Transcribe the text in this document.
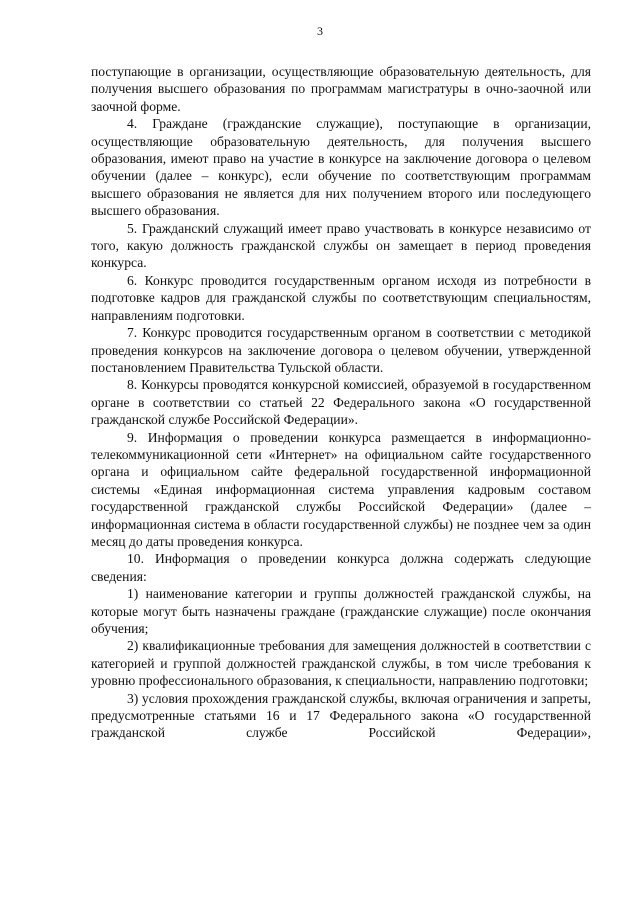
3

поступающие в организации, осуществляющие образовательную деятельность, для получения высшего образования по программам магистратуры в очно-заочной или заочной форме.

4. Граждане (гражданские служащие), поступающие в организации, осуществляющие образовательную деятельность, для получения высшего образования, имеют право на участие в конкурсе на заключение договора о целевом обучении (далее – конкурс), если обучение по соответствующим программам высшего образования не является для них получением второго или последующего высшего образования.

5. Гражданский служащий имеет право участвовать в конкурсе независимо от того, какую должность гражданской службы он замещает в период проведения конкурса.

6. Конкурс проводится государственным органом исходя из потребности в подготовке кадров для гражданской службы по соответствующим специальностям, направлениям подготовки.

7. Конкурс проводится государственным органом в соответствии с методикой проведения конкурсов на заключение договора о целевом обучении, утвержденной постановлением Правительства Тульской области.

8. Конкурсы проводятся конкурсной комиссией, образуемой в государственном органе в соответствии со статьей 22 Федерального закона «О государственной гражданской службе Российской Федерации».

9. Информация о проведении конкурса размещается в информационно-телекоммуникационной сети «Интернет» на официальном сайте государственного органа и официальном сайте федеральной государственной информационной системы «Единая информационная система управления кадровым составом государственной гражданской службы Российской Федерации» (далее – информационная система в области государственной службы) не позднее чем за один месяц до даты проведения конкурса.

10. Информация о проведении конкурса должна содержать следующие сведения:

1) наименование категории и группы должностей гражданской службы, на которые могут быть назначены граждане (гражданские служащие) после окончания обучения;

2) квалификационные требования для замещения должностей в соответствии с категорией и группой должностей гражданской службы, в том числе требования к уровню профессионального образования, к специальности, направлению подготовки;

3) условия прохождения гражданской службы, включая ограничения и запреты, предусмотренные статьями 16 и 17 Федерального закона «О государственной гражданской службе Российской Федерации»,
